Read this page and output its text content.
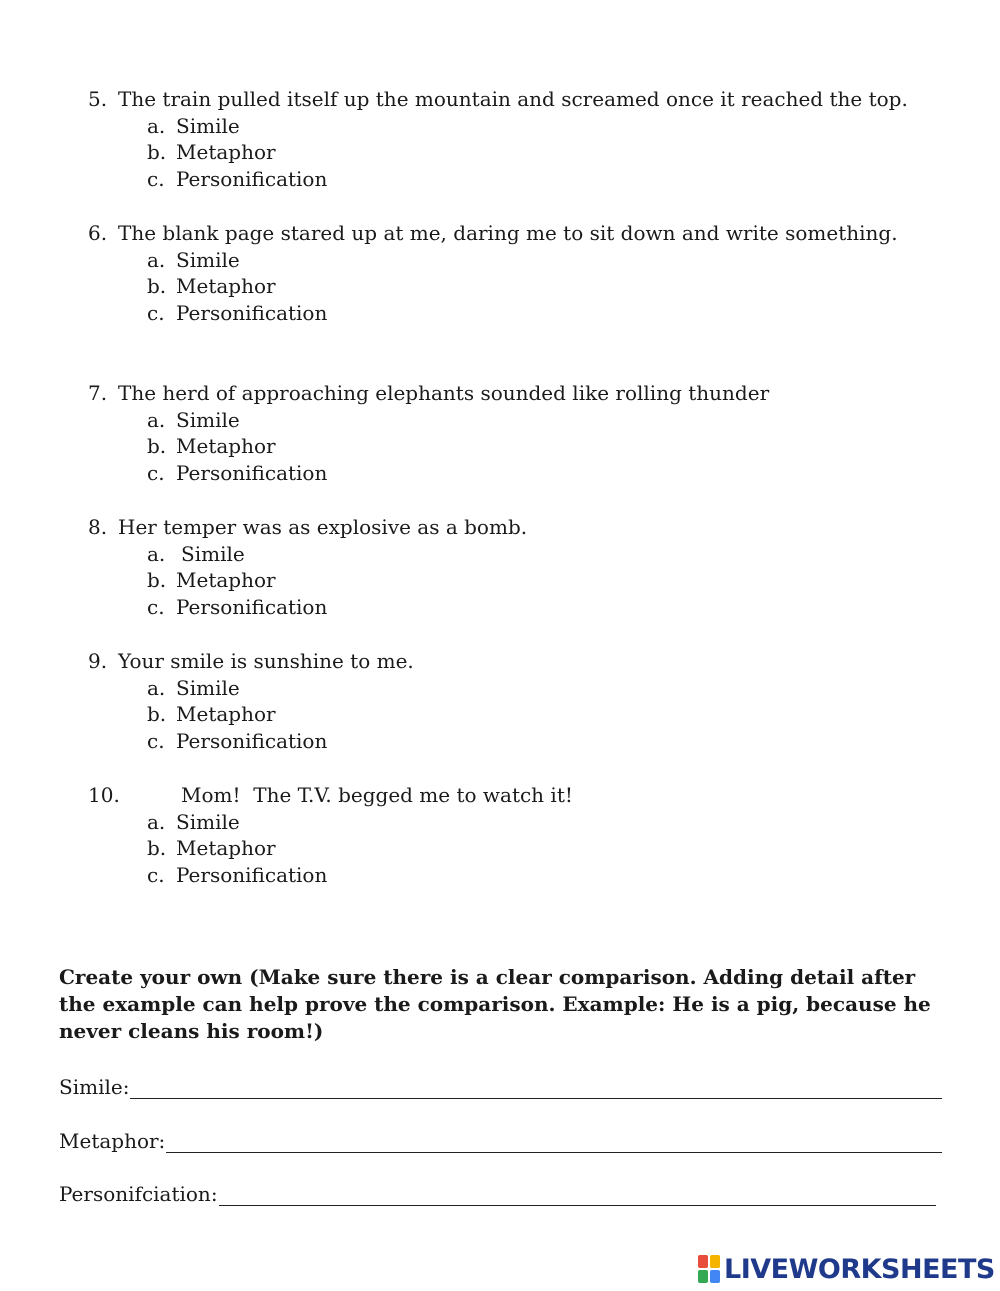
5. The train pulled itself up the mountain and screamed once it reached the top.
a. Simile
b. Metaphor
c. Personification
6. The blank page stared up at me, daring me to sit down and write something.
a. Simile
b. Metaphor
c. Personification
7. The herd of approaching elephants sounded like rolling thunder
a. Simile
b. Metaphor
c. Personification
8. Her temper was as explosive as a bomb.
a. Simile
b. Metaphor
c. Personification
9. Your smile is sunshine to me.
a. Simile
b. Metaphor
c. Personification
10.	Mom!  The T.V. begged me to watch it!
a. Simile
b. Metaphor
c. Personification
Create your own (Make sure there is a clear comparison. Adding detail after the example can help prove the comparison. Example: He is a pig, because he never cleans his room!)
Simile:
Metaphor:
Personifciation:
LIVEWORKSHEETS
